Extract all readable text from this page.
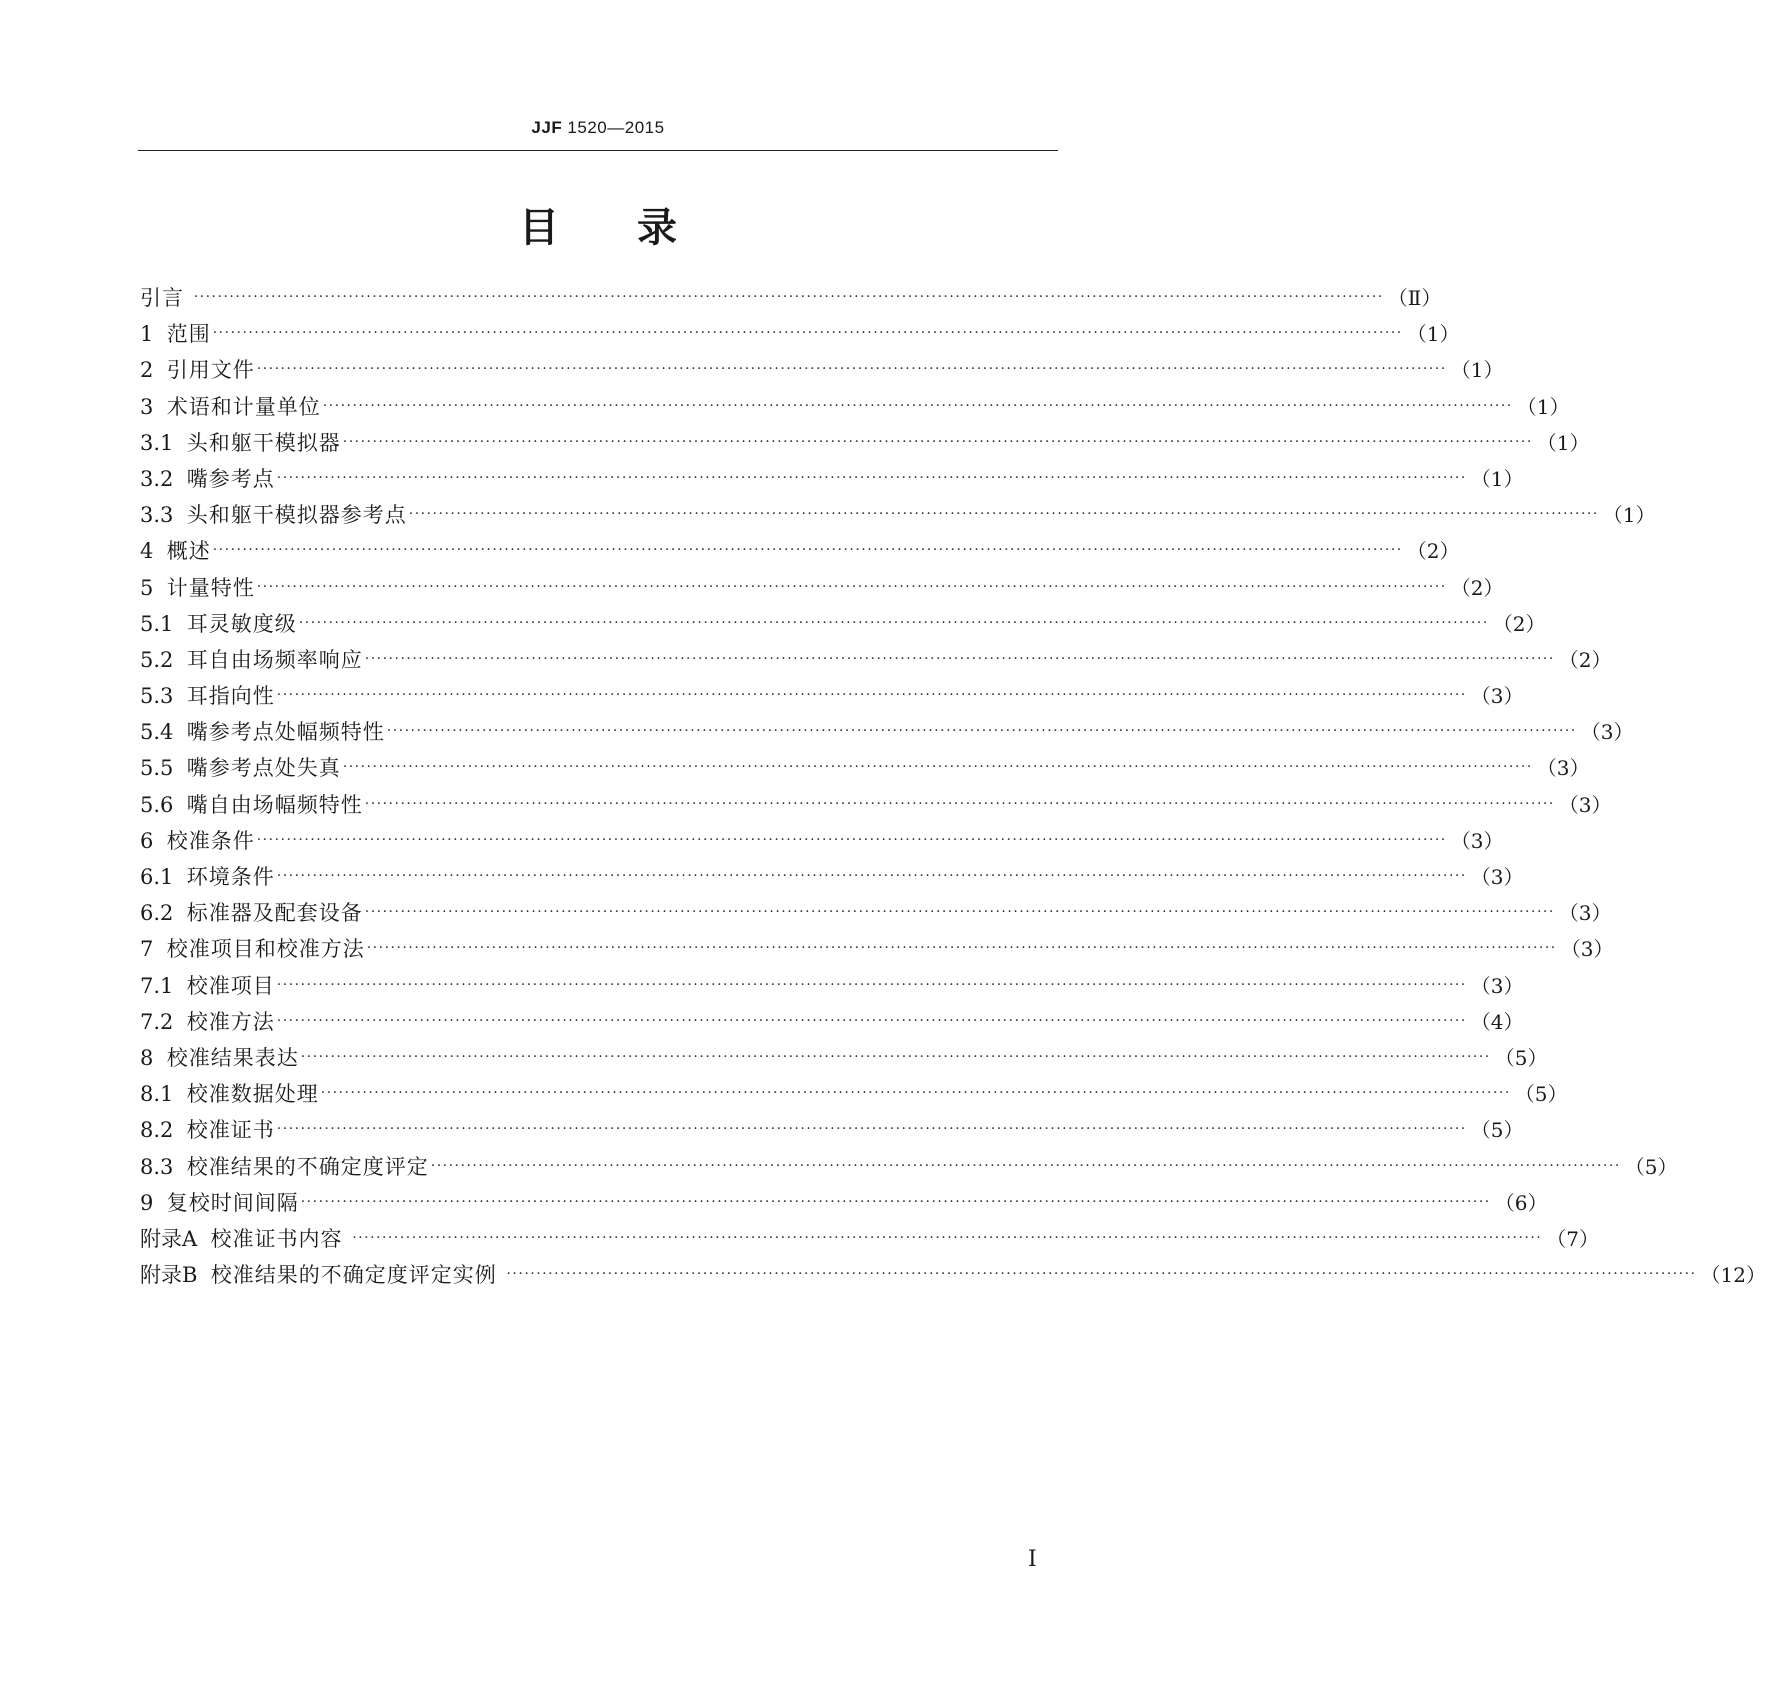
JJF 1520—2015
目录
引言 ········································································································································································································ （Ⅱ）
1 范围 ········································································································································································································ （1）
2 引用文件 ········································································································································································································ （1）
3 术语和计量单位 ········································································································································································································ （1）
3.1 头和躯干模拟器 ········································································································································································································ （1）
3.2 嘴参考点 ········································································································································································································ （1）
3.3 头和躯干模拟器参考点 ········································································································································································································ （1）
4 概述 ········································································································································································································ （2）
5 计量特性 ········································································································································································································ （2）
5.1 耳灵敏度级 ········································································································································································································ （2）
5.2 耳自由场频率响应 ········································································································································································································ （2）
5.3 耳指向性 ········································································································································································································ （3）
5.4 嘴参考点处幅频特性 ········································································································································································································ （3）
5.5 嘴参考点处失真 ········································································································································································································ （3）
5.6 嘴自由场幅频特性 ········································································································································································································ （3）
6 校准条件 ········································································································································································································ （3）
6.1 环境条件 ········································································································································································································ （3）
6.2 标准器及配套设备 ········································································································································································································ （3）
7 校准项目和校准方法 ········································································································································································································ （3）
7.1 校准项目 ········································································································································································································ （3）
7.2 校准方法 ········································································································································································································ （4）
8 校准结果表达 ········································································································································································································ （5）
8.1 校准数据处理 ········································································································································································································ （5）
8.2 校准证书 ········································································································································································································ （5）
8.3 校准结果的不确定度评定 ········································································································································································································ （5）
9 复校时间间隔 ········································································································································································································ （6）
附录A 校准证书内容 ········································································································································································································ （7）
附录B 校准结果的不确定度评定实例 ········································································································································································································ （12）
Ⅰ
